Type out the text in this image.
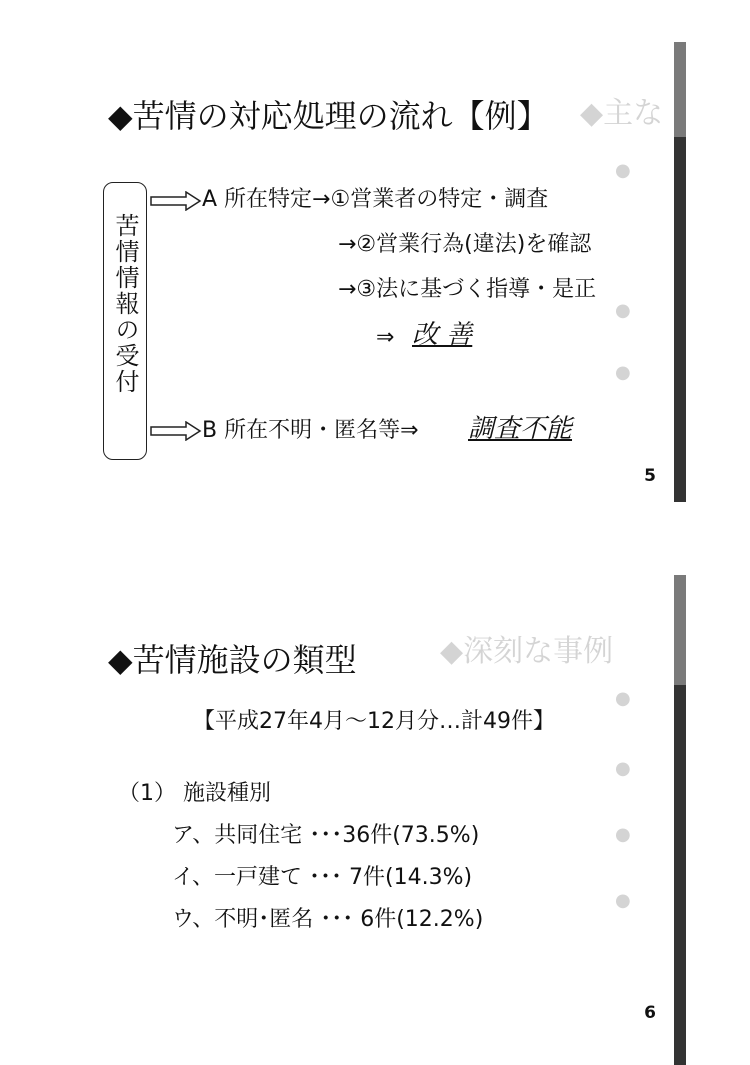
◆主な
●
●
●
◆苦情の対応処理の流れ【例】
苦情情報の受付
A 所在特定→①営業者の特定・調査
→②営業行為(違法)を確認
→③法に基づく指導・是正
⇒ 改 善
B 所在不明・匿名等⇒ 調査不能
5
◆深刻な事例
●
●
●
●
◆苦情施設の類型
【平成27年4月～12月分…計49件】
（1） 施設種別
ア、共同住宅 ･･･36件(73.5%)
イ、一戸建て ･･･ 7件(14.3%)
ウ、不明･匿名 ･･･ 6件(12.2%)
6
